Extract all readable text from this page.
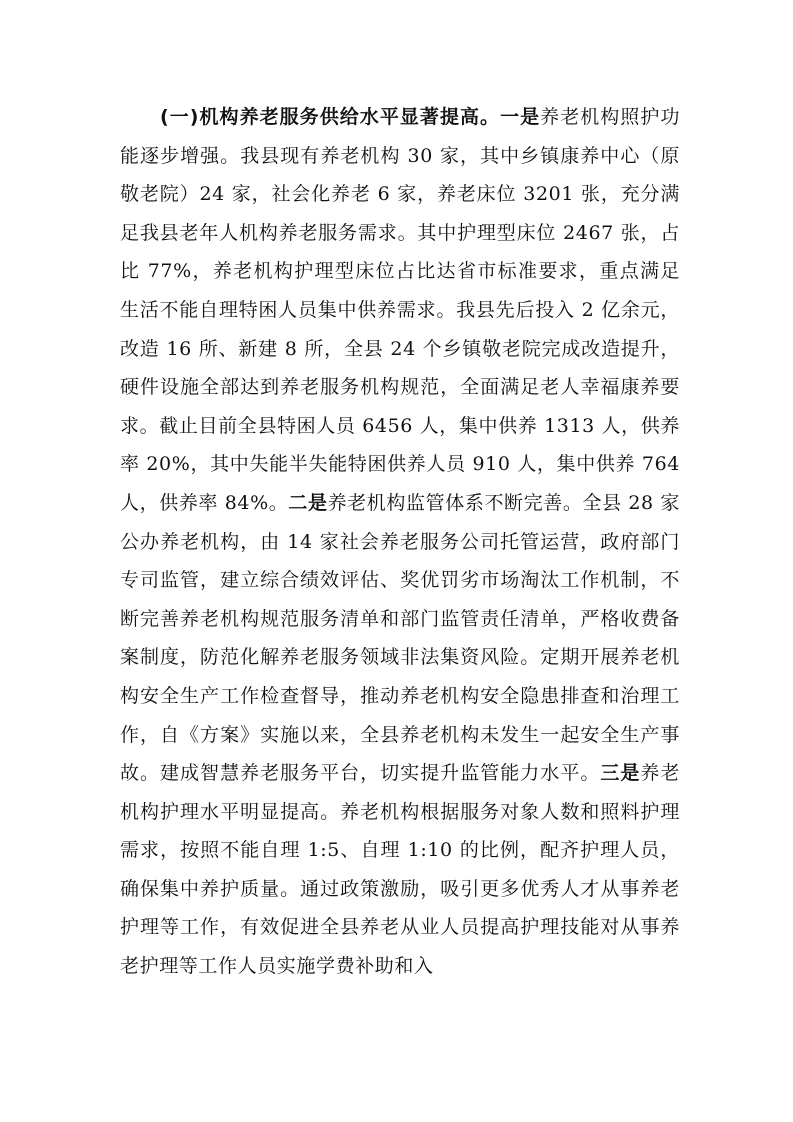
(一)机构养老服务供给水平显著提高。一是养老机构照护功能逐步增强。我县现有养老机构 30 家，其中乡镇康养中心（原敬老院）24 家，社会化养老 6 家，养老床位 3201 张，充分满足我县老年人机构养老服务需求。其中护理型床位 2467 张，占比 77%，养老机构护理型床位占比达省市标准要求，重点满足生活不能自理特困人员集中供养需求。我县先后投入 2 亿余元，改造 16 所、新建 8 所，全县 24 个乡镇敬老院完成改造提升，硬件设施全部达到养老服务机构规范，全面满足老人幸福康养要求。截止目前全县特困人员 6456 人，集中供养 1313 人，供养率 20%，其中失能半失能特困供养人员 910 人，集中供养 764 人，供养率 84%。二是养老机构监管体系不断完善。全县 28 家公办养老机构，由 14 家社会养老服务公司托管运营，政府部门专司监管，建立综合绩效评估、奖优罚劣市场淘汰工作机制，不断完善养老机构规范服务清单和部门监管责任清单，严格收费备案制度，防范化解养老服务领域非法集资风险。定期开展养老机构安全生产工作检查督导，推动养老机构安全隐患排查和治理工作，自《方案》实施以来，全县养老机构未发生一起安全生产事故。建成智慧养老服务平台，切实提升监管能力水平。三是养老机构护理水平明显提高。养老机构根据服务对象人数和照料护理需求，按照不能自理 1:5、自理 1:10 的比例，配齐护理人员，确保集中养护质量。通过政策激励，吸引更多优秀人才从事养老护理等工作，有效促进全县养老从业人员提高护理技能对从事养老护理等工作人员实施学费补助和入
